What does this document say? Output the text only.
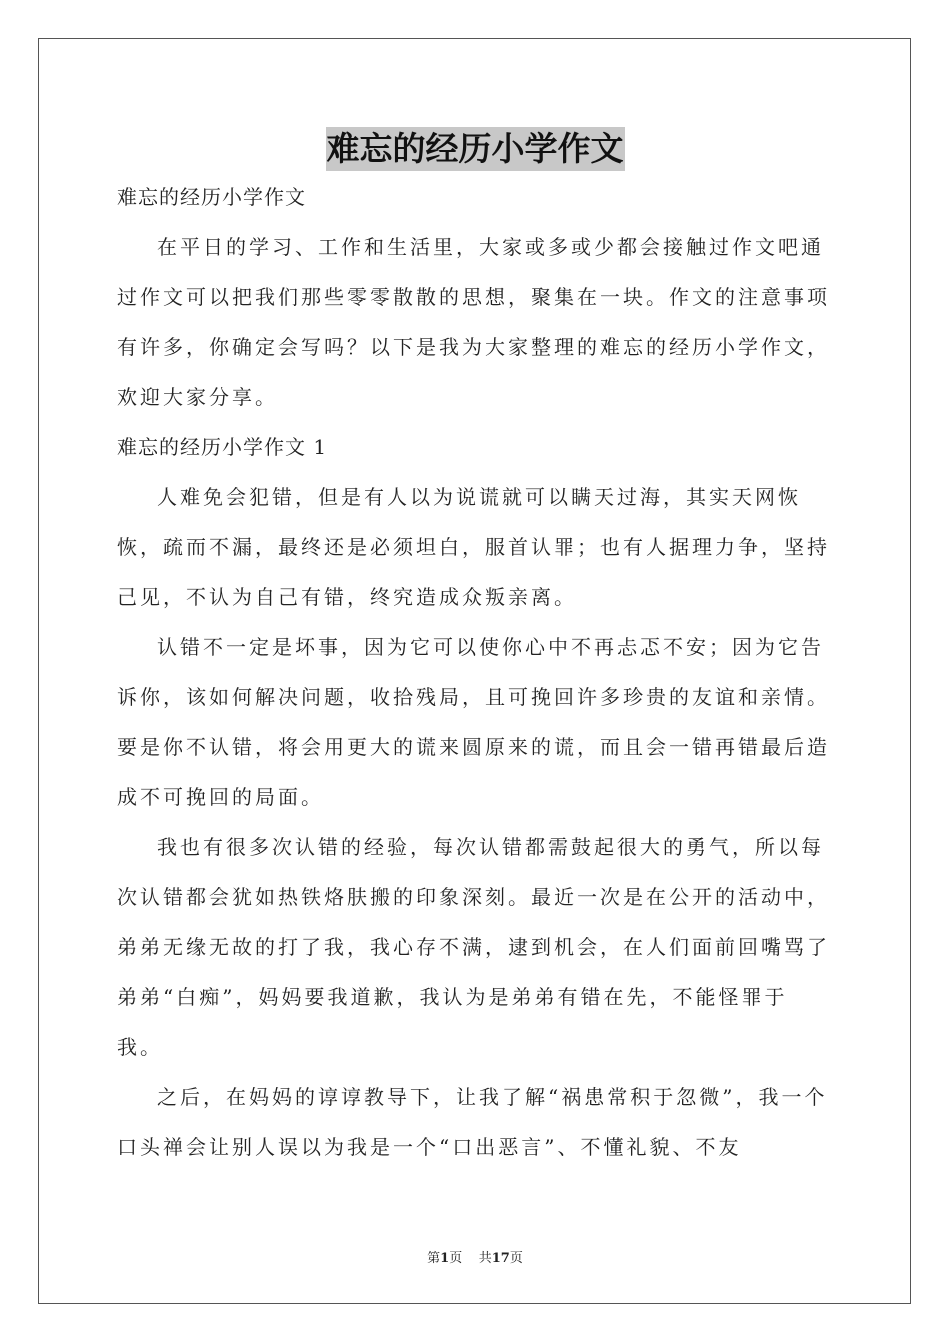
难忘的经历小学作文
难忘的经历小学作文

在平日的学习、工作和生活里，大家或多或少都会接触过作文吧通过作文可以把我们那些零零散散的思想，聚集在一块。作文的注意事项有许多，你确定会写吗？以下是我为大家整理的难忘的经历小学作文，欢迎大家分享。

难忘的经历小学作文 1

人难免会犯错，但是有人以为说谎就可以瞒天过海，其实天网恢恢，疏而不漏，最终还是必须坦白，服首认罪；也有人据理力争，坚持己见，不认为自己有错，终究造成众叛亲离。

认错不一定是坏事，因为它可以使你心中不再忐忑不安；因为它告诉你，该如何解决问题，收拾残局，且可挽回许多珍贵的友谊和亲情。要是你不认错，将会用更大的谎来圆原来的谎，而且会一错再错最后造成不可挽回的局面。

我也有很多次认错的经验，每次认错都需鼓起很大的勇气，所以每次认错都会犹如热铁烙肤搬的印象深刻。最近一次是在公开的活动中，弟弟无缘无故的打了我，我心存不满，逮到机会，在人们面前回嘴骂了弟弟“白痴”，妈妈要我道歉，我认为是弟弟有错在先，不能怪罪于我。

之后，在妈妈的谆谆教导下，让我了解“祸患常积于忽微”，我一个口头禅会让别人误以为我是一个“口出恶言”、不懂礼貌、不友

第1页 共17页
